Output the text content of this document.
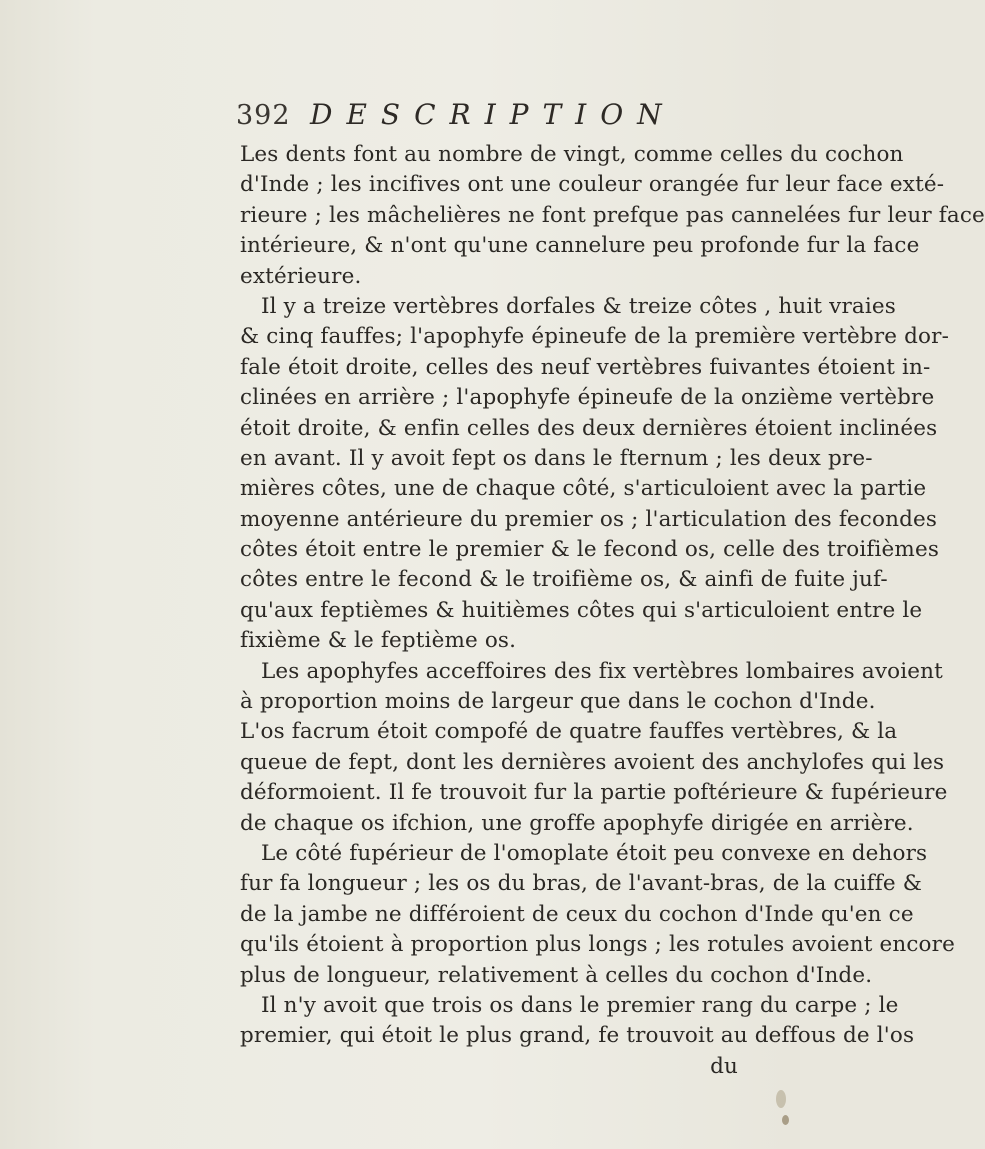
392 DESCRIPTION
Les dents font au nombre de vingt, comme celles du cochon
d'Inde ; les incifives ont une couleur orangée fur leur face exté-
rieure ; les mâchelières ne font prefque pas cannelées fur leur face
intérieure, & n'ont qu'une cannelure peu profonde fur la face
extérieure.
Il y a treize vertèbres dorfales & treize côtes , huit vraies
& cinq fauffes; l'apophyfe épineufe de la première vertèbre dor-
fale étoit droite, celles des neuf vertèbres fuivantes étoient in-
clinées en arrière ; l'apophyfe épineufe de la onzième vertèbre
étoit droite, & enfin celles des deux dernières étoient inclinées
en avant. Il y avoit fept os dans le fternum ; les deux pre-
mières côtes, une de chaque côté, s'articuloient avec la partie
moyenne antérieure du premier os ; l'articulation des fecondes
côtes étoit entre le premier & le fecond os, celle des troifièmes
côtes entre le fecond & le troifième os, & ainfi de fuite juf-
qu'aux feptièmes & huitièmes côtes qui s'articuloient entre le
fixième & le feptième os.
Les apophyfes acceffoires des fix vertèbres lombaires avoient
à proportion moins de largeur que dans le cochon d'Inde.
L'os facrum étoit compofé de quatre fauffes vertèbres, & la
queue de fept, dont les dernières avoient des anchylofes qui les
déformoient. Il fe trouvoit fur la partie poftérieure & fupérieure
de chaque os ifchion, une groffe apophyfe dirigée en arrière.
Le côté fupérieur de l'omoplate étoit peu convexe en dehors
fur fa longueur ; les os du bras, de l'avant-bras, de la cuiffe &
de la jambe ne différoient de ceux du cochon d'Inde qu'en ce
qu'ils étoient à proportion plus longs ; les rotules avoient encore
plus de longueur, relativement à celles du cochon d'Inde.
Il n'y avoit que trois os dans le premier rang du carpe ; le
premier, qui étoit le plus grand, fe trouvoit au deffous de l'os
du
